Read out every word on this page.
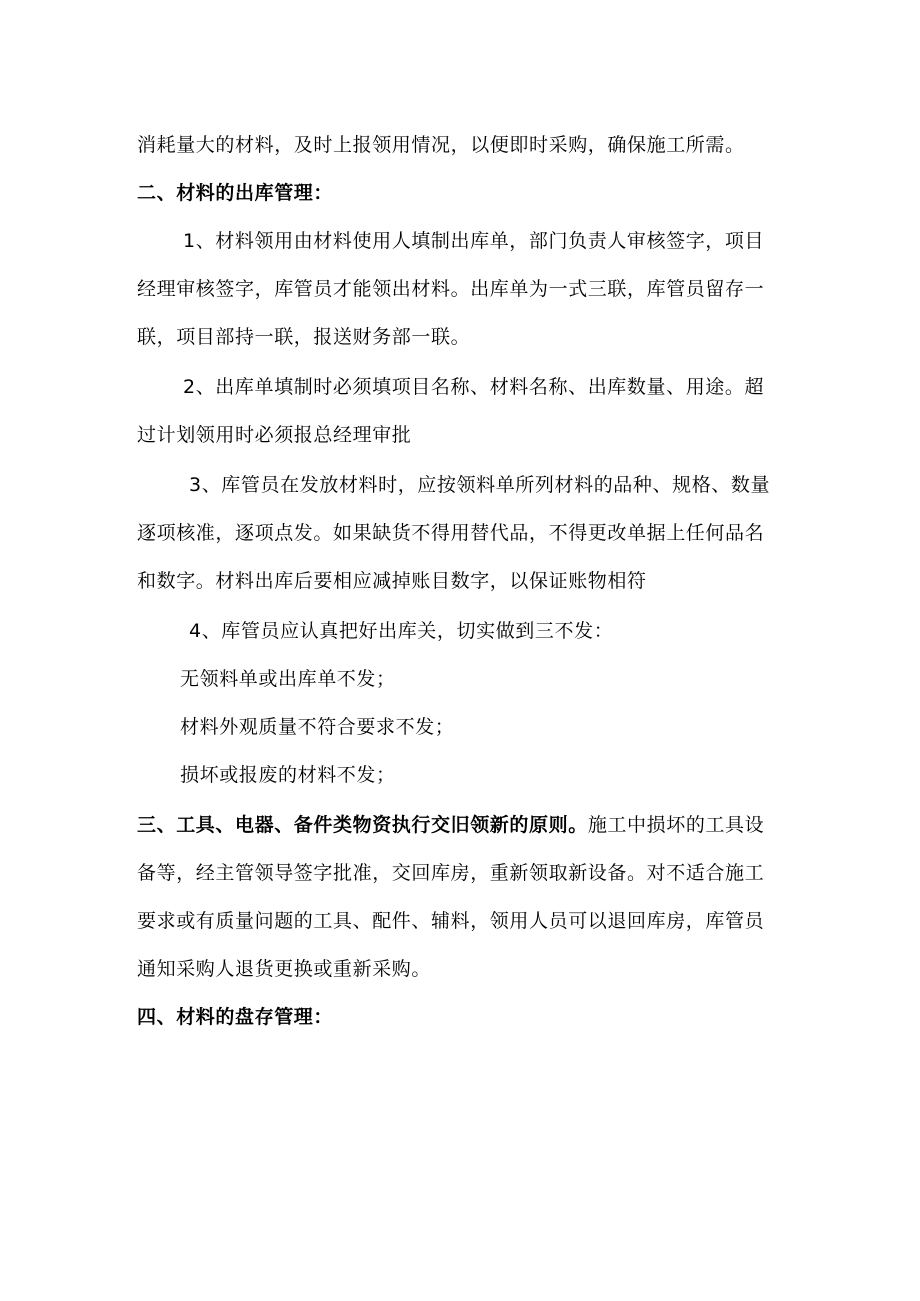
消耗量大的材料，及时上报领用情况，以便即时采购，确保施工所需。
二、材料的出库管理：
1、材料领用由材料使用人填制出库单，部门负责人审核签字，项目
经理审核签字，库管员才能领出材料。出库单为一式三联，库管员留存一
联，项目部持一联，报送财务部一联。
2、出库单填制时必须填项目名称、材料名称、出库数量、用途。超
过计划领用时必须报总经理审批
3、库管员在发放材料时，应按领料单所列材料的品种、规格、数量
逐项核准，逐项点发。如果缺货不得用替代品，不得更改单据上任何品名
和数字。材料出库后要相应减掉账目数字，以保证账物相符
4、库管员应认真把好出库关，切实做到三不发：
无领料单或出库单不发；
材料外观质量不符合要求不发；
损坏或报废的材料不发；
三、工具、电器、备件类物资执行交旧领新的原则。施工中损坏的工具设
备等，经主管领导签字批准，交回库房，重新领取新设备。对不适合施工
要求或有质量问题的工具、配件、辅料，领用人员可以退回库房，库管员
通知采购人退货更换或重新采购。
四、材料的盘存管理：
